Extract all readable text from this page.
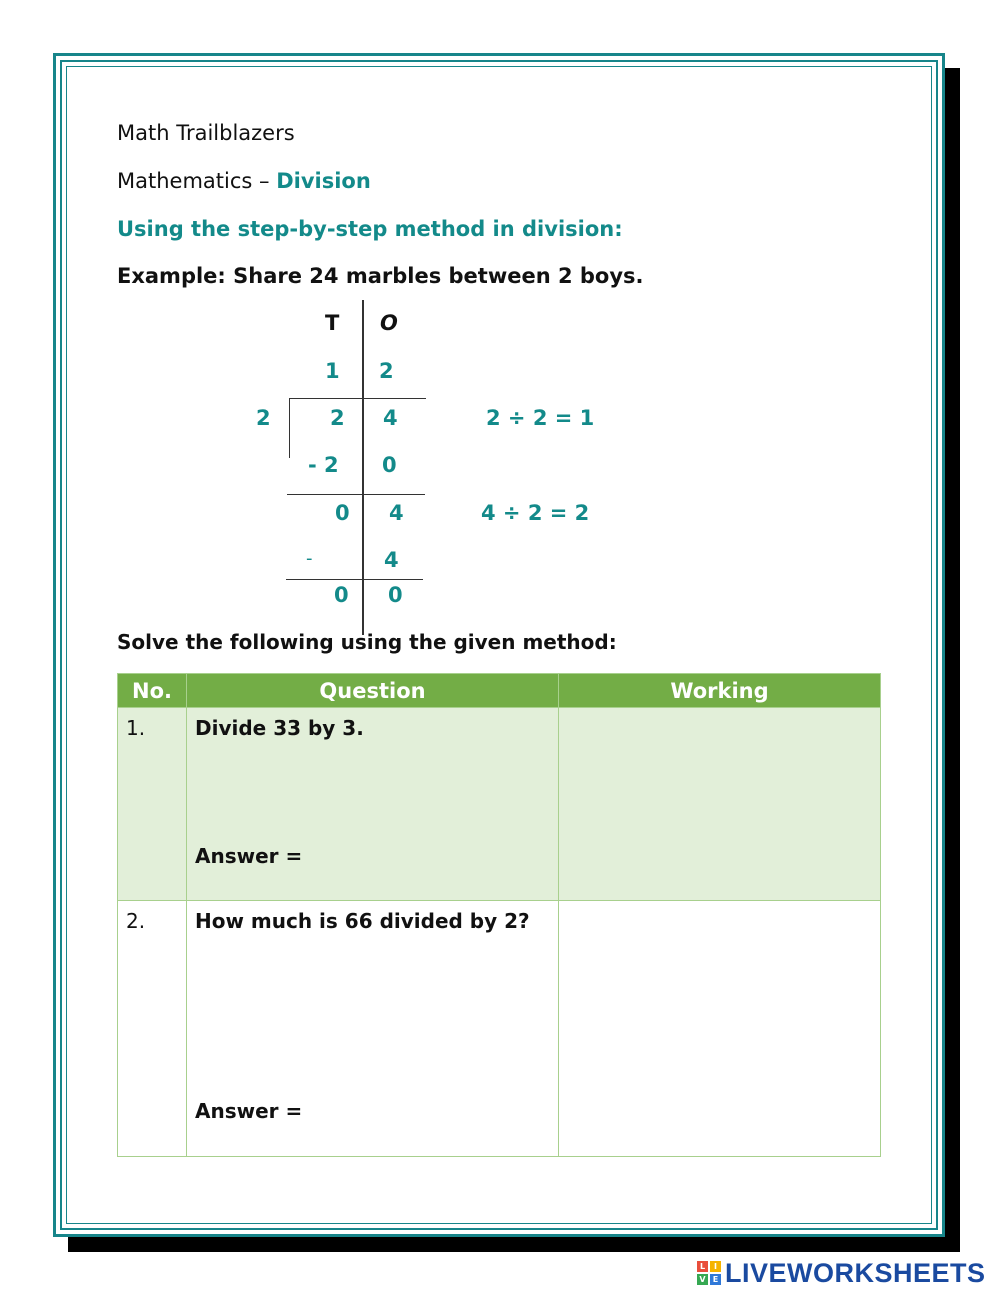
Math Trailblazers
Mathematics – Division
Using the step-by-step method in division:
Example: Share 24 marbles between 2 boys.
T O
1 2
2	2 4	2 ÷ 2 = 1
- 2 0
0 4	4 ÷ 2 = 2
-	4
0 0
Solve the following using the given method:
No.	Question	Working

1.	Divide 33 by 3.
Answer =	

2.	How much is 66 divided by 2?
Answer =	

L	I
V E LIVEWORKSHEETS
